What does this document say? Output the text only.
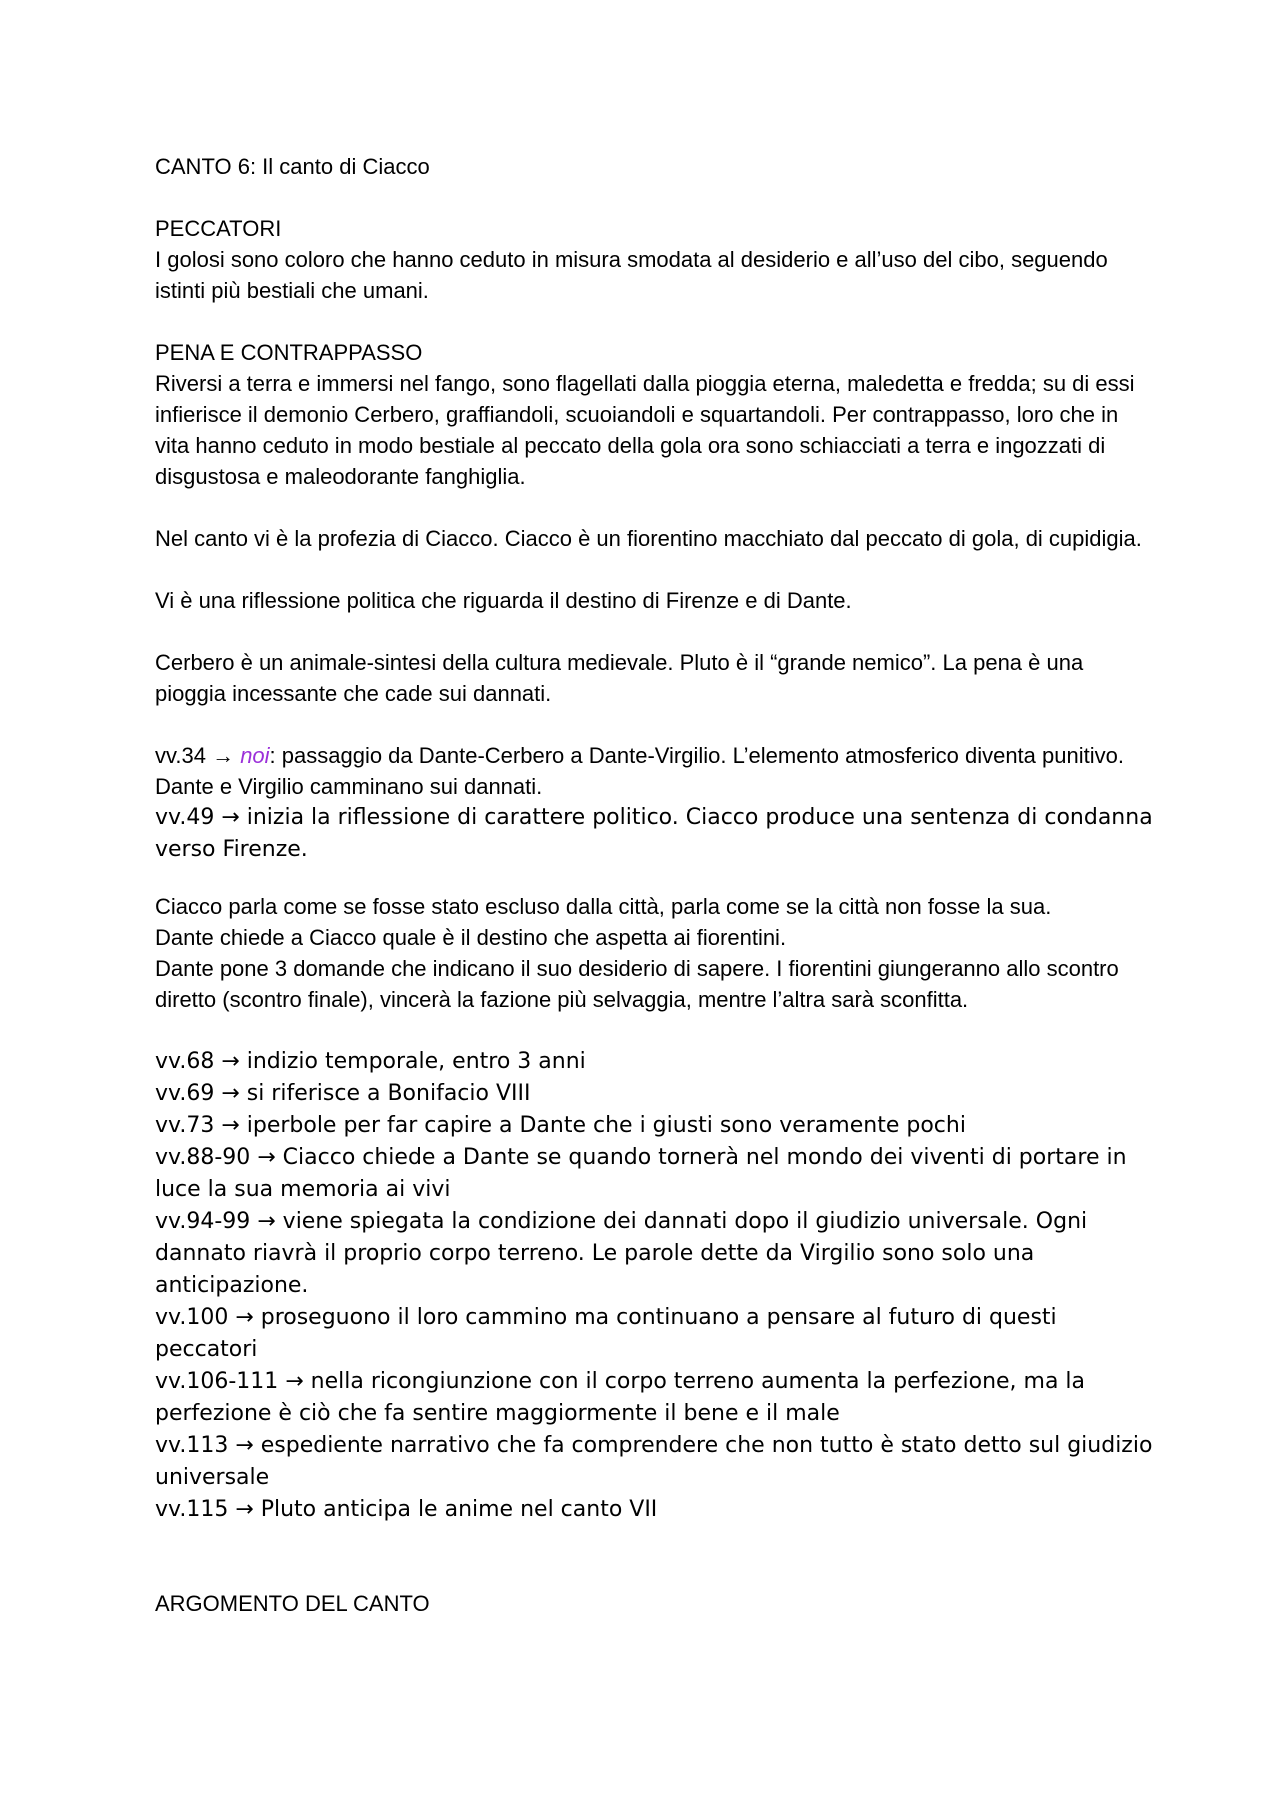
CANTO 6: Il canto di Ciacco

PECCATORI

I golosi sono coloro che hanno ceduto in misura smodata al desiderio e all’uso del cibo, seguendo istinti più bestiali che umani.

PENA E CONTRAPPASSO

Riversi a terra e immersi nel fango, sono flagellati dalla pioggia eterna, maledetta e fredda; su di essi infierisce il demonio Cerbero, graffiandoli, scuoiandoli e squartandoli. Per contrappasso, loro che in vita hanno ceduto in modo bestiale al peccato della gola ora sono schiacciati a terra e ingozzati di disgustosa e maleodorante fanghiglia.

Nel canto vi è la profezia di Ciacco. Ciacco è un fiorentino macchiato dal peccato di gola, di cupidigia.

Vi è una riflessione politica che riguarda il destino di Firenze e di Dante.

Cerbero è un animale-sintesi della cultura medievale. Pluto è il “grande nemico”. La pena è una pioggia incessante che cade sui dannati.

vv.34 → noi: passaggio da Dante-Cerbero a Dante-Virgilio. L’elemento atmosferico diventa punitivo. Dante e Virgilio camminano sui dannati.

vv.49 → inizia la riflessione di carattere politico. Ciacco produce una sentenza di condanna verso Firenze.

Ciacco parla come se fosse stato escluso dalla città, parla come se la città non fosse la sua.

Dante chiede a Ciacco quale è il destino che aspetta ai fiorentini.

Dante pone 3 domande che indicano il suo desiderio di sapere. I fiorentini giungeranno allo scontro diretto (scontro finale), vincerà la fazione più selvaggia, mentre l’altra sarà sconfitta.

vv.68 → indizio temporale, entro 3 anni

vv.69 → si riferisce a Bonifacio VIII

vv.73 → iperbole per far capire a Dante che i giusti sono veramente pochi

vv.88-90 → Ciacco chiede a Dante se quando tornerà nel mondo dei viventi di portare in luce la sua memoria ai vivi

vv.94-99 → viene spiegata la condizione dei dannati dopo il giudizio universale. Ogni dannato riavrà il proprio corpo terreno. Le parole dette da Virgilio sono solo una anticipazione.

vv.100 → proseguono il loro cammino ma continuano a pensare al futuro di questi peccatori

vv.106-111 → nella ricongiunzione con il corpo terreno aumenta la perfezione, ma la perfezione è ciò che fa sentire maggiormente il bene e il male

vv.113 → espediente narrativo che fa comprendere che non tutto è stato detto sul giudizio universale

vv.115 → Pluto anticipa le anime nel canto VII

ARGOMENTO DEL CANTO
